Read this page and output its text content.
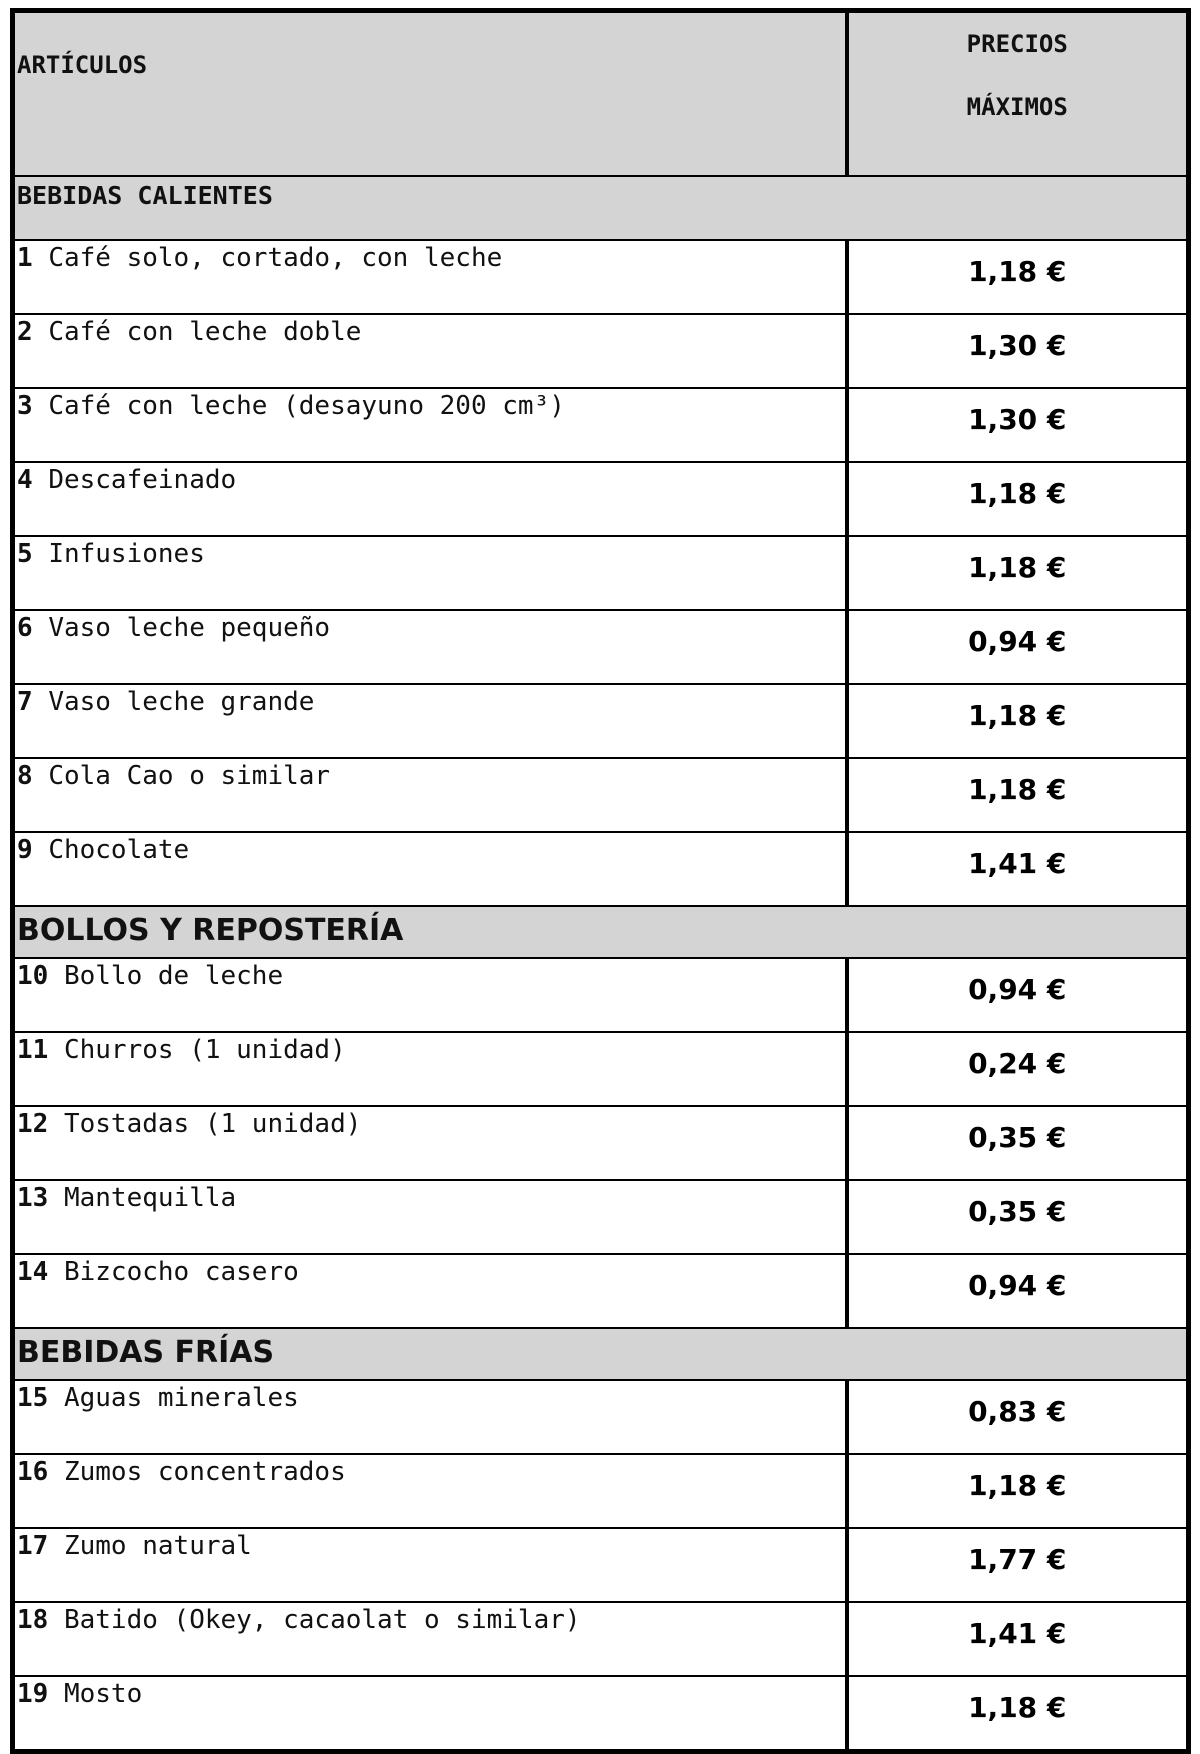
ARTÍCULOS	PRECIOS
MÁXIMOS

BEBIDAS CALIENTES	
1 Café solo, cortado, con leche	1,18 €
2 Café con leche doble	1,30 €
3 Café con leche (desayuno 200 cm³)	1,30 €
4 Descafeinado	1,18 €
5 Infusiones	1,18 €
6 Vaso leche pequeño	0,94 €
7 Vaso leche grande	1,18 €
8 Cola Cao o similar	1,18 €
9 Chocolate	1,41 €
BOLLOS Y REPOSTERÍA	
10 Bollo de leche	0,94 €
11 Churros (1 unidad)	0,24 €
12 Tostadas (1 unidad)	0,35 €
13 Mantequilla	0,35 €
14 Bizcocho casero	0,94 €
BEBIDAS FRÍAS	
15 Aguas minerales	0,83 €
16 Zumos concentrados	1,18 €
17 Zumo natural	1,77 €
18 Batido (Okey, cacaolat o similar)	1,41 €
19 Mosto	1,18 €
